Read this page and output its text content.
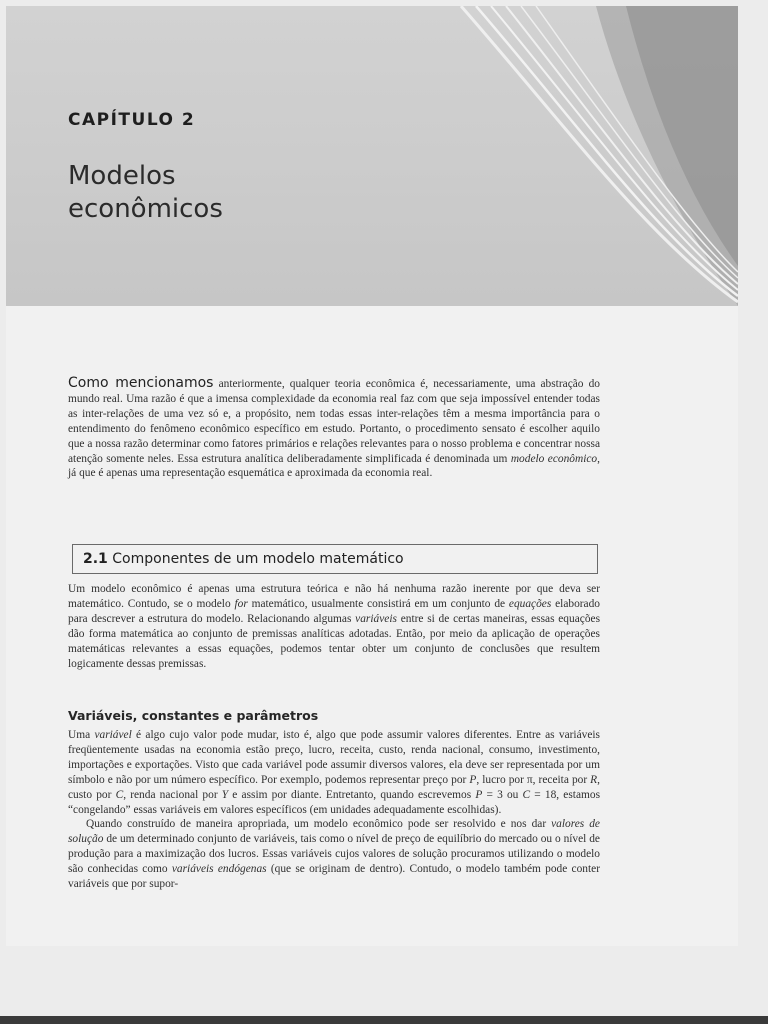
CAPÍTULO 2
Modelos
econômicos
Como mencionamos anteriormente, qualquer teoria econômica é, necessariamente, uma abstração do mundo real. Uma razão é que a imensa complexidade da economia real faz com que seja impossível entender todas as inter-relações de uma vez só e, a propósito, nem todas essas inter-relações têm a mesma importância para o entendimento do fenômeno econômico específico em estudo. Portanto, o procedimento sensato é escolher aquilo que a nossa razão determinar como fatores primários e relações relevantes para o nosso problema e concentrar nossa atenção somente neles. Essa estrutura analítica deliberadamente simplificada é denominada um modelo econômico, já que é apenas uma representação esquemática e aproximada da economia real.
2.1 Componentes de um modelo matemático
Um modelo econômico é apenas uma estrutura teórica e não há nenhuma razão inerente por que deva ser matemático. Contudo, se o modelo for matemático, usualmente consistirá em um conjunto de equações elaborado para descrever a estrutura do modelo. Relacionando algumas variáveis entre si de certas maneiras, essas equações dão forma matemática ao conjunto de premissas analíticas adotadas. Então, por meio da aplicação de operações matemáticas relevantes a essas equações, podemos tentar obter um conjunto de conclusões que resultem logicamente dessas premissas.
Variáveis, constantes e parâmetros
Uma variável é algo cujo valor pode mudar, isto é, algo que pode assumir valores diferentes. Entre as variáveis freqüentemente usadas na economia estão preço, lucro, receita, custo, renda nacional, consumo, investimento, importações e exportações. Visto que cada variável pode assumir diversos valores, ela deve ser representada por um símbolo e não por um número específico. Por exemplo, podemos representar preço por P, lucro por π, receita por R, custo por C, renda nacional por Y e assim por diante. Entretanto, quando escrevemos P = 3 ou C = 18, estamos “congelando” essas variáveis em valores específicos (em unidades adequadamente escolhidas).
Quando construído de maneira apropriada, um modelo econômico pode ser resolvido e nos dar valores de solução de um determinado conjunto de variáveis, tais como o nível de preço de equilíbrio do mercado ou o nível de produção para a maximização dos lucros. Essas variáveis cujos valores de solução procuramos utilizando o modelo são conhecidas como variáveis endógenas (que se originam de dentro). Contudo, o modelo também pode conter variáveis que por supor-
